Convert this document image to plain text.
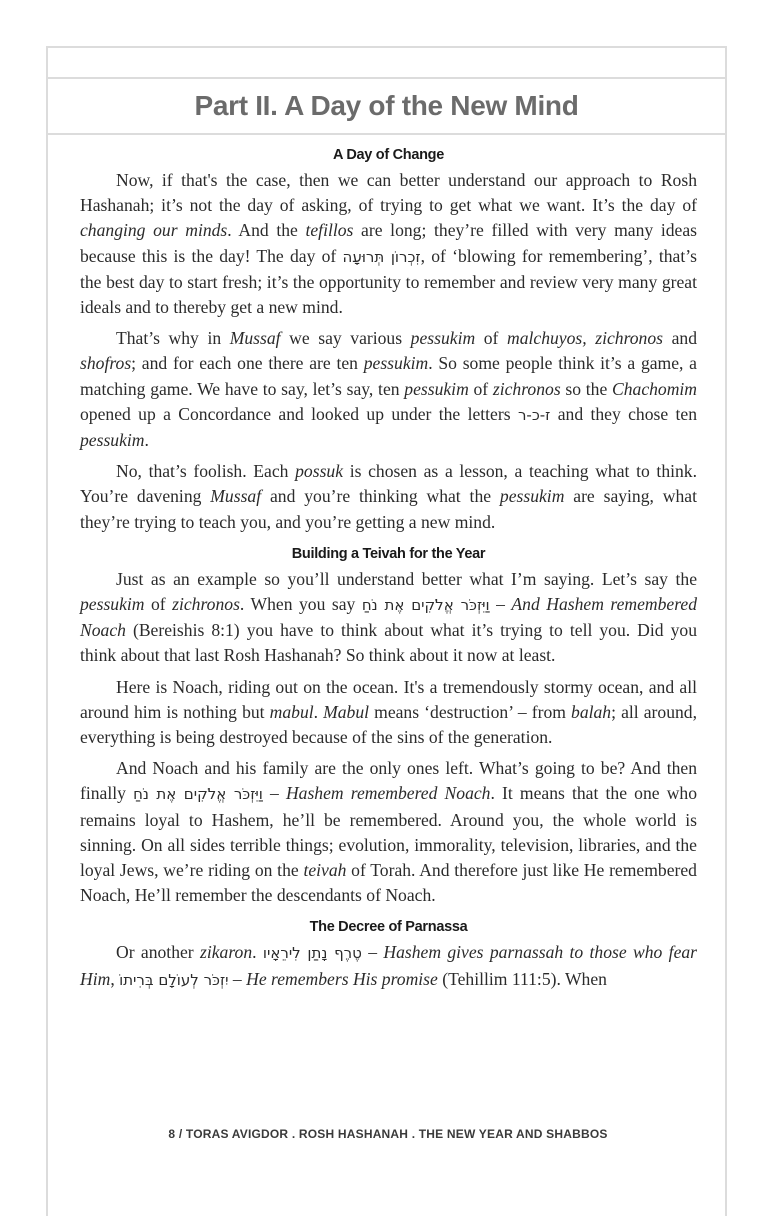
Part II. A Day of the New Mind
A Day of Change

Now, if that's the case, then we can better understand our approach to Rosh Hashanah; it’s not the day of asking, of trying to get what we want. It’s the day of changing our minds. And the tefillos are long; they’re filled with very many ideas because this is the day! The day of זִכְרוֹן תְּרוּעָה, of ‘blowing for remembering’, that’s the best day to start fresh; it’s the opportunity to remember and review very many great ideals and to thereby get a new mind.

That’s why in Mussaf we say various pessukim of malchuyos, zichronos and shofros; and for each one there are ten pessukim. So some people think it’s a game, a matching game. We have to say, let’s say, ten pessukim of zichronos so the Chachomim opened up a Concordance and looked up under the letters ז-כ-ר and they chose ten pessukim.

No, that’s foolish. Each possuk is chosen as a lesson, a teaching what to think. You’re davening Mussaf and you’re thinking what the pessukim are saying, what they’re trying to teach you, and you’re getting a new mind.

Building a Teivah for the Year

Just as an example so you’ll understand better what I’m saying. Let’s say the pessukim of zichronos. When you say וַיִּזְכֹּר אֱלֹקִים אֶת נֹחַ – And Hashem remembered Noach (Bereishis 8:1) you have to think about what it’s trying to tell you. Did you think about that last Rosh Hashanah? So think about it now at least.

Here is Noach, riding out on the ocean. It's a tremendously stormy ocean, and all around him is nothing but mabul. Mabul means ‘destruction’ – from balah; all around, everything is being destroyed because of the sins of the generation.

And Noach and his family are the only ones left. What’s going to be? And then finally וַיִּזְכֹּר אֱלֹקִים אֶת נֹחַ – Hashem remembered Noach. It means that the one who remains loyal to Hashem, he’ll be remembered. Around you, the whole world is sinning. On all sides terrible things; evolution, immorality, television, libraries, and the loyal Jews, we’re riding on the teivah of Torah. And therefore just like He remembered Noach, He’ll remember the descendants of Noach.

The Decree of Parnassa

Or another zikaron. טֶרֶף נָתַן לִירֵאָיו – Hashem gives parnassah to those who fear Him, יִזְכֹּר לְעוֹלָם בְּרִיתוֹ – He remembers His promise (Tehillim 111:5). When

8 / TORAS AVIGDOR . ROSH HASHANAH . THE NEW YEAR AND SHABBOS
